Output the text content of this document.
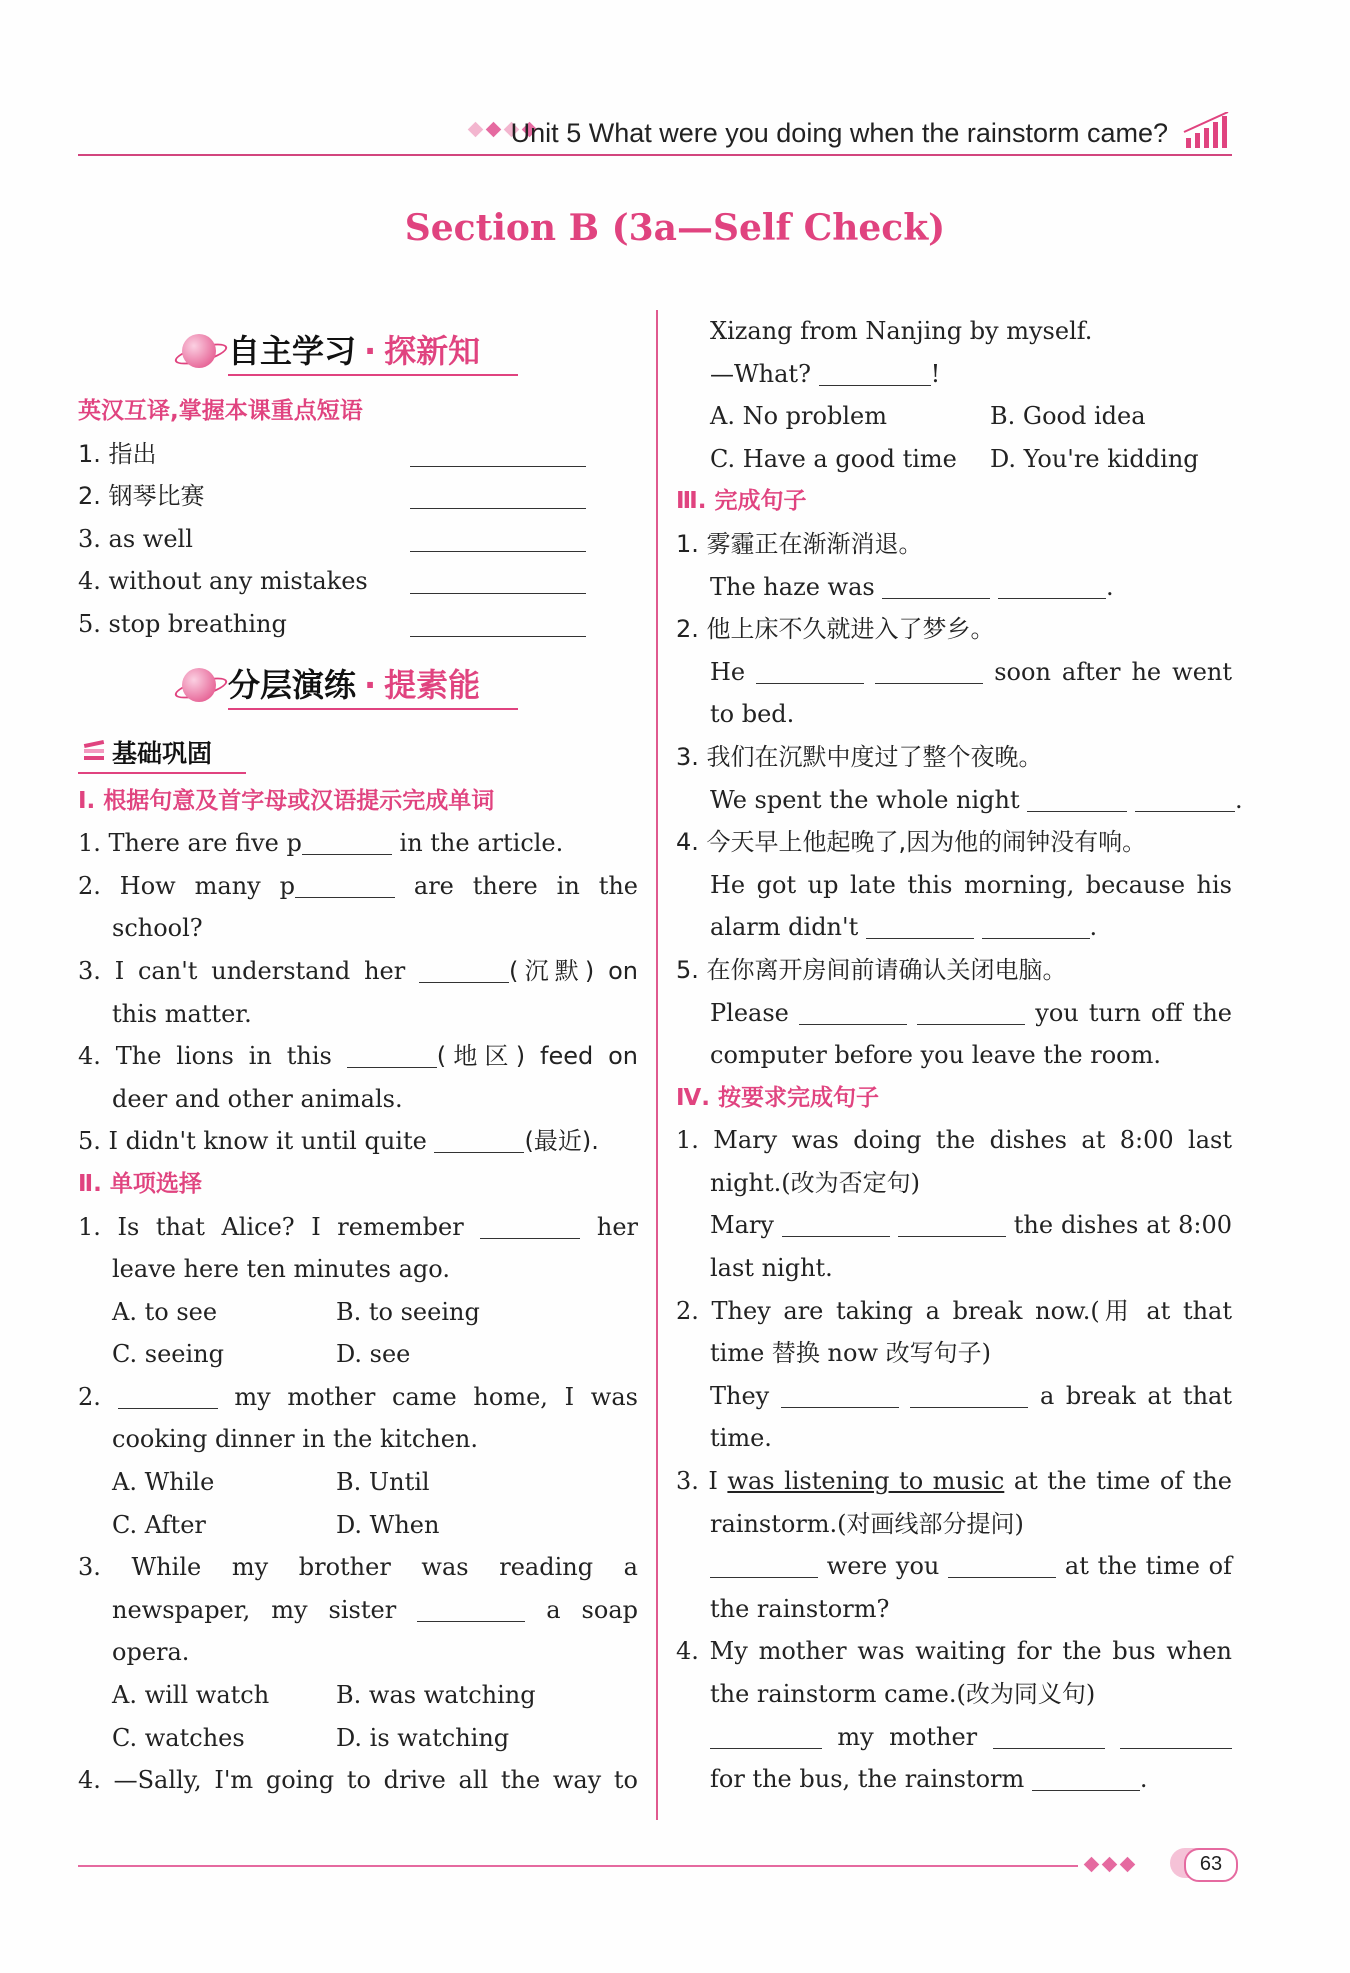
Unit 5 What were you doing when the rainstorm came?
Section B (3a—Self Check)
自主学习 · 探新知
英汉互译,掌握本课重点短语
1. 指出
2. 钢琴比赛
3. as well
4. without any mistakes
5. stop breathing
分层演练 · 提素能
基础巩固
Ⅰ. 根据句意及首字母或汉语提示完成单词
1. There are five p	in the article.
2. How many p	are there in the
school?
3. I can't understand her	(沉默) on
this matter.
4. The lions in this	(地区) feed on
deer and other animals.
5. I didn't know it until quite	(最近).
Ⅱ. 单项选择
1. Is that Alice? I remember	her
leave here ten minutes ago.
A. to see	B. to seeing
C. seeing	D. see
2.	my mother came home, I was
cooking dinner in the kitchen.
A. While	B. Until
C. After	D. When
3. While my brother was reading a
newspaper, my sister	a soap
opera.
A. will watch	B. was watching
C. watches	D. is watching
4. —Sally, I'm going to drive all the way to
Xizang from Nanjing by myself.
—What?	!
A. No problem	B. Good idea
C. Have a good time D. You're kidding
Ⅲ. 完成句子
1. 雾霾正在渐渐消退。
The haze was	.
2. 他上床不久就进入了梦乡。
He	soon after he went
to bed.
3. 我们在沉默中度过了整个夜晚。
We spent the whole night	.
4. 今天早上他起晚了,因为他的闹钟没有响。
He got up late this morning, because his
alarm didn't	.
5. 在你离开房间前请确认关闭电脑。
Please	you turn off the
computer before you leave the room.
Ⅳ. 按要求完成句子
1. Mary was doing the dishes at 8:00 last
night.(改为否定句)
Mary	the dishes at 8:00
last night.
2. They are taking a break now.(用 at that
time 替换 now 改写句子)
They	a break at that
time.
3. I was listening to music at the time of the
rainstorm.(对画线部分提问)
were you	at the time of
the rainstorm?
4. My mother was waiting for the bus when
the rainstorm came.(改为同义句)
my mother
for the bus, the rainstorm	.
63
